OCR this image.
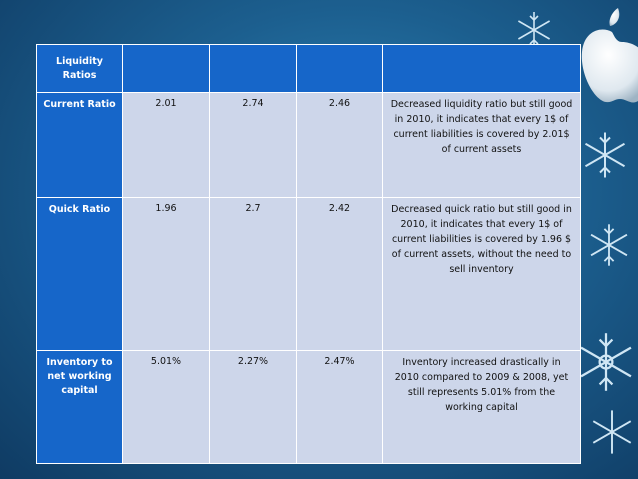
Liquidity Ratios				
Current Ratio	2.01	2.74	2.46	Decreased liquidity ratio but still good in 2010, it indicates that every 1$ of current liabilities is covered by 2.01$ of current assets
Quick Ratio	1.96	2.7	2.42	Decreased quick ratio but still good in 2010, it indicates that every 1$ of current liabilities is covered by 1.96 $ of current assets, without the need to sell inventory
Inventory to net working capital	5.01%	2.27%	2.47%	Inventory increased drastically in 2010 compared to 2009 & 2008, yet still represents 5.01% from the working capital
